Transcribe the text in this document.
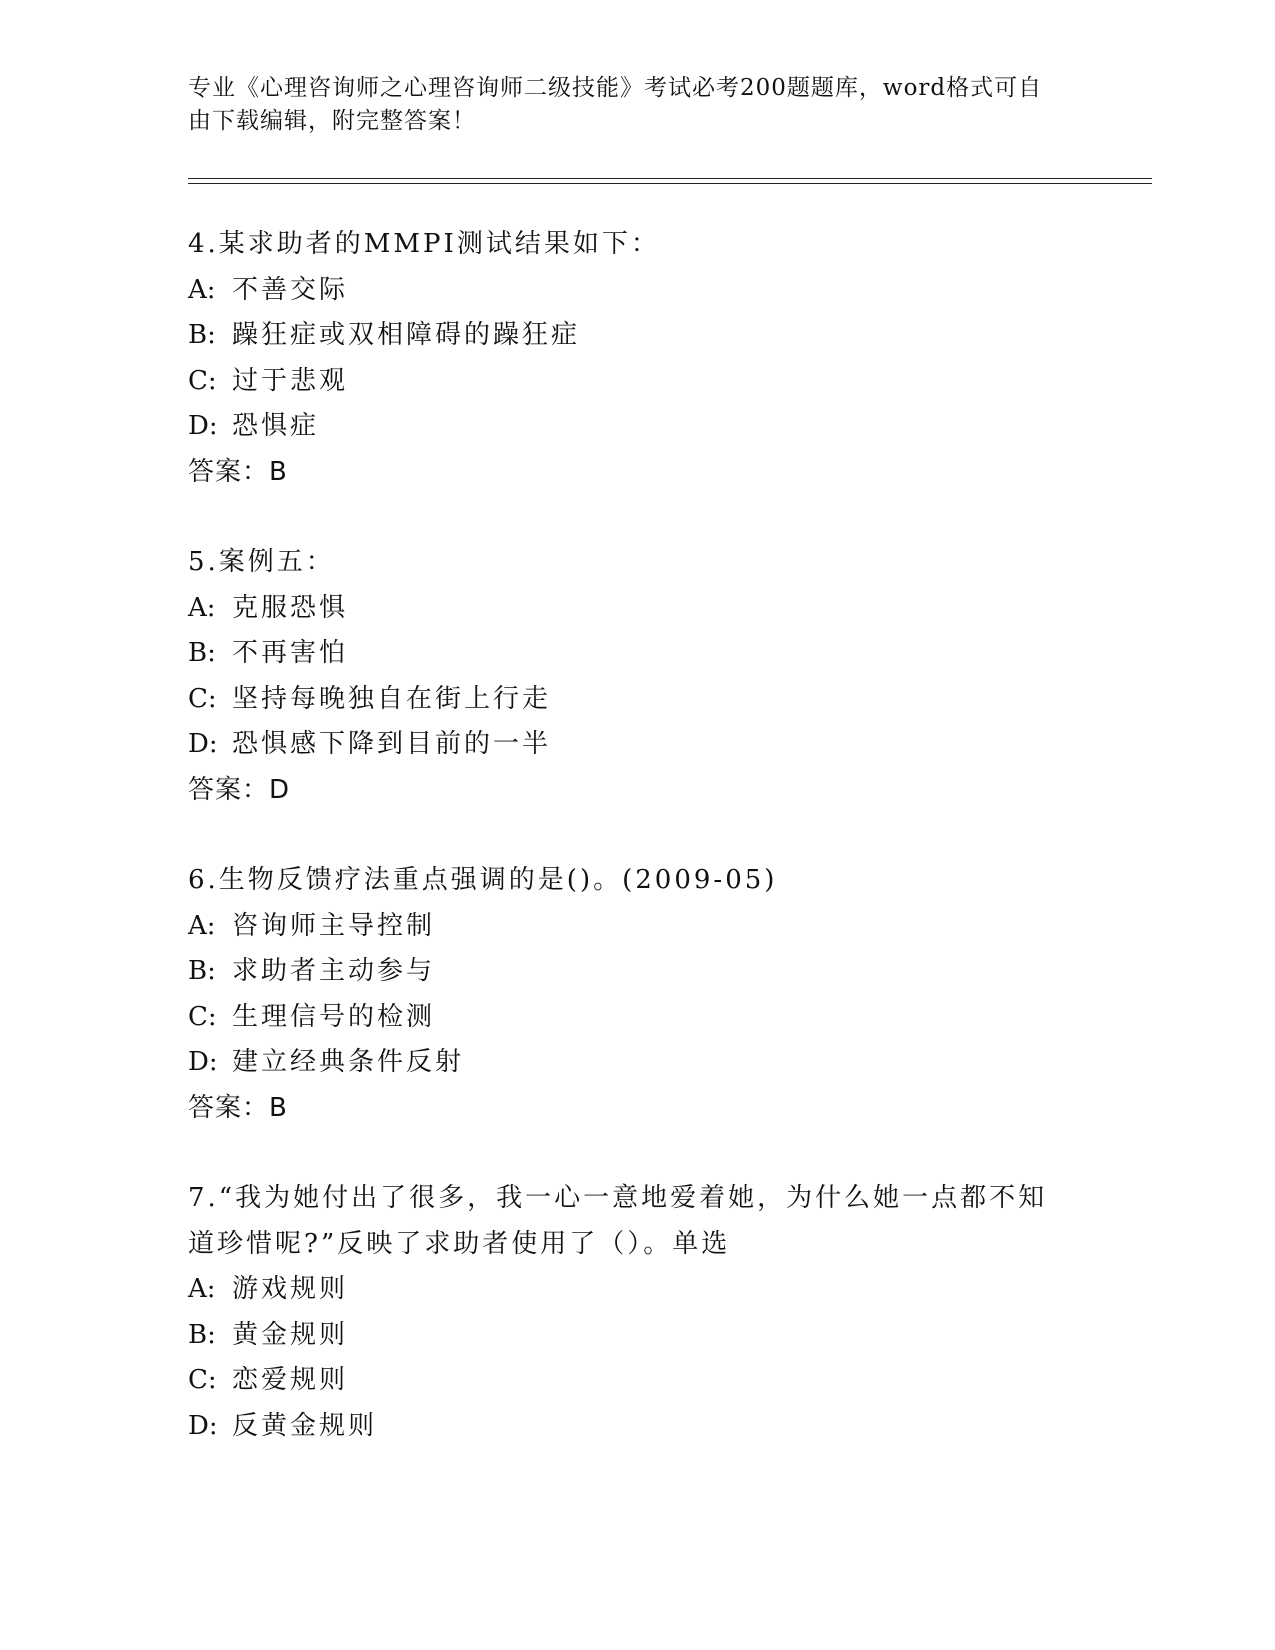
专业《心理咨询师之心理咨询师二级技能》考试必考200题题库，word格式可自
由下载编辑，附完整答案！
4.某求助者的MMPI测试结果如下：
A: 不善交际
B: 躁狂症或双相障碍的躁狂症
C: 过于悲观
D: 恐惧症
答案：B
5.案例五：
A: 克服恐惧
B: 不再害怕
C: 坚持每晚独自在街上行走
D: 恐惧感下降到目前的一半
答案：D
6.生物反馈疗法重点强调的是()。(2009-05)
A: 咨询师主导控制
B: 求助者主动参与
C: 生理信号的检测
D: 建立经典条件反射
答案：B
7.“我为她付出了很多，我一心一意地爱着她，为什么她一点都不知
道珍惜呢?”反映了求助者使用了（）。单选
A: 游戏规则
B: 黄金规则
C: 恋爱规则
D: 反黄金规则
